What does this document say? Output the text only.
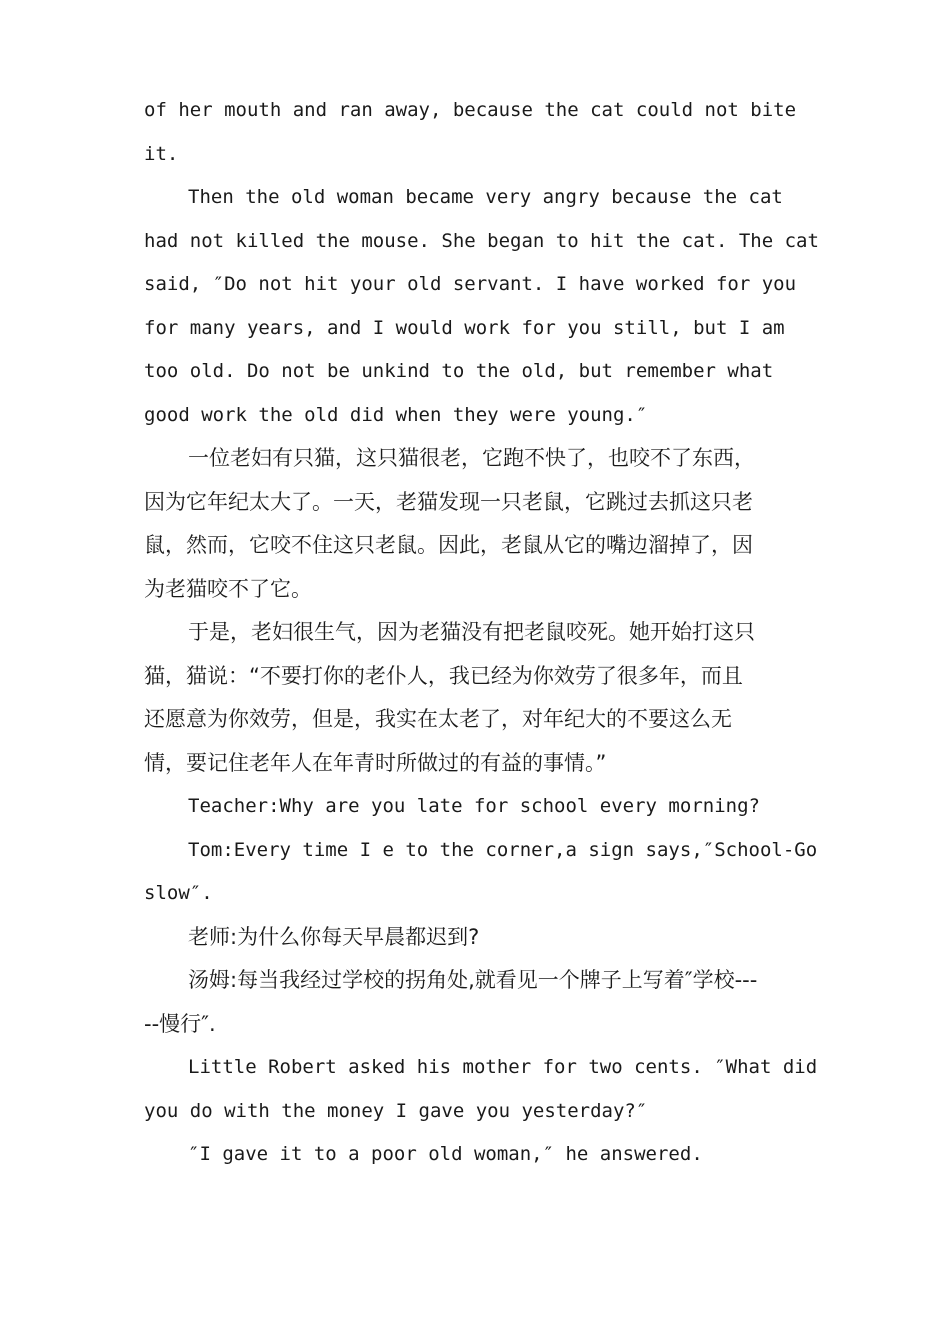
of her mouth and ran away, because the cat could not bite
it.
Then the old woman became very angry because the cat
had not killed the mouse. She began to hit the cat. The cat
said, ″Do not hit your old servant. I have worked for you
for many years, and I would work for you still, but I am
too old. Do not be unkind to the old, but remember what
good work the old did when they were young.″
一位老妇有只猫，这只猫很老，它跑不快了，也咬不了东西，
因为它年纪太大了。一天，老猫发现一只老鼠，它跳过去抓这只老
鼠，然而，它咬不住这只老鼠。因此，老鼠从它的嘴边溜掉了，因
为老猫咬不了它。
于是，老妇很生气，因为老猫没有把老鼠咬死。她开始打这只
猫，猫说：“不要打你的老仆人，我已经为你效劳了很多年，而且
还愿意为你效劳，但是，我实在太老了，对年纪大的不要这么无
情，要记住老年人在年青时所做过的有益的事情。”
Teacher:Why are you late for school every morning?
Tom:Every time I e to the corner,a sign says,″School-Go
slow″.
老师:为什么你每天早晨都迟到?
汤姆:每当我经过学校的拐角处,就看见一个牌子上写着″学校---
--慢行″.
Little Robert asked his mother for two cents. ″What did
you do with the money I gave you yesterday?″
″I gave it to a poor old woman,″ he answered.
